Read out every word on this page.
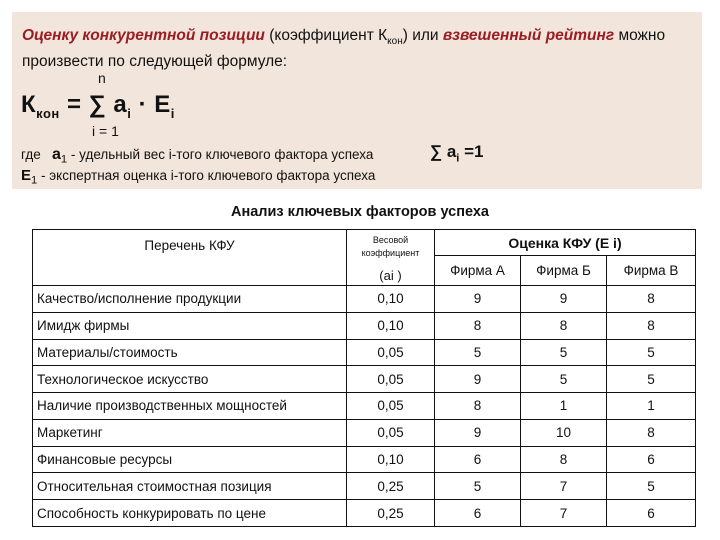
Оценку конкурентной позиции (коэффициент $К_{кон}$) или взвешенный рейтинг можно произвести по следующей формуле:
n
$К_{кон}$ = ∑ $a_i \cdot Е_i$
i = 1
где $а_1$ - удельный вес i-того ключевого фактора успеха	∑ $а_i =1$
$Е_1$ - экспертная оценка i-того ключевого фактора успеха
Анализ ключевых факторов успеха
Перечень КФУ	Весовой коэффициент
(аi )	Оценка КФУ (Е i)		
		Фирма А	Фирма Б	Фирма В
Качество/исполнение продукции	0,10	9	9	8
Имидж фирмы	0,10	8	8	8
Материалы/стоимость	0,05	5	5	5
Технологическое искусство	0,05	9	5	5
Наличие производственных мощностей	0,05	8	1	1
Маркетинг	0,05	9	10	8
Финансовые ресурсы	0,10	6	8	6
Относительная стоимостная позиция	0,25	5	7	5
Способность конкурировать по цене	0,25	6	7	6
